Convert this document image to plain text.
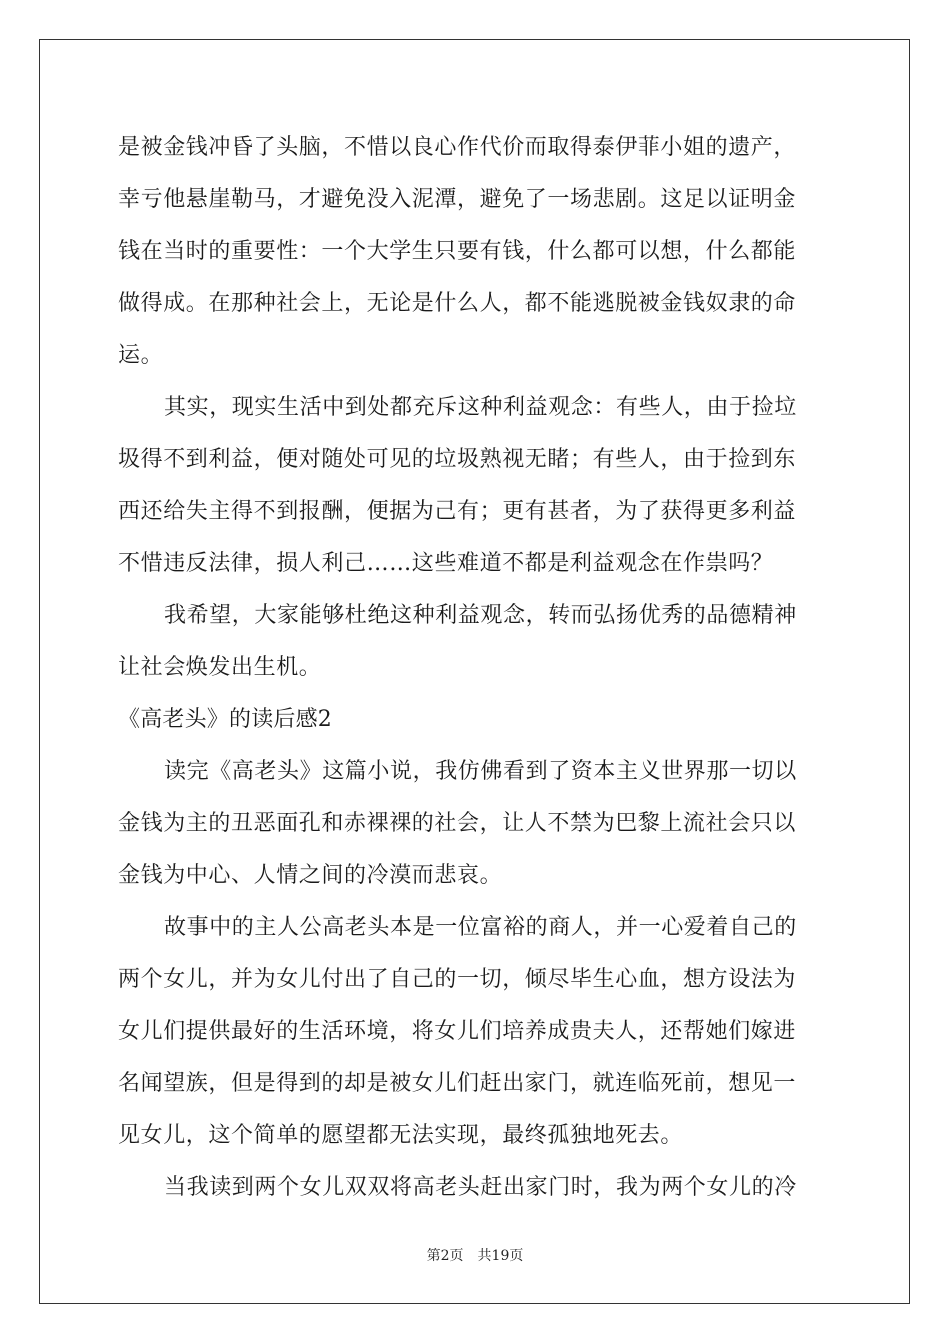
是被金钱冲昏了头脑，不惜以良心作代价而取得泰伊菲小姐的遗产，
幸亏他悬崖勒马，才避免没入泥潭，避免了一场悲剧。这足以证明金
钱在当时的重要性：一个大学生只要有钱，什么都可以想，什么都能
做得成。在那种社会上，无论是什么人，都不能逃脱被金钱奴隶的命
运。
其实，现实生活中到处都充斥这种利益观念：有些人，由于捡垃
圾得不到利益，便对随处可见的垃圾熟视无睹；有些人，由于捡到东
西还给失主得不到报酬，便据为己有；更有甚者，为了获得更多利益
不惜违反法律，损人利己……这些难道不都是利益观念在作祟吗？
我希望，大家能够杜绝这种利益观念，转而弘扬优秀的品德精神
让社会焕发出生机。
《高老头》的读后感2
读完《高老头》这篇小说，我仿佛看到了资本主义世界那一切以
金钱为主的丑恶面孔和赤裸裸的社会，让人不禁为巴黎上流社会只以
金钱为中心、人情之间的冷漠而悲哀。
故事中的主人公高老头本是一位富裕的商人，并一心爱着自己的
两个女儿，并为女儿付出了自己的一切，倾尽毕生心血，想方设法为
女儿们提供最好的生活环境，将女儿们培养成贵夫人，还帮她们嫁进
名闻望族，但是得到的却是被女儿们赶出家门，就连临死前，想见一
见女儿，这个简单的愿望都无法实现，最终孤独地死去。
当我读到两个女儿双双将高老头赶出家门时，我为两个女儿的冷
第2页　共19页
